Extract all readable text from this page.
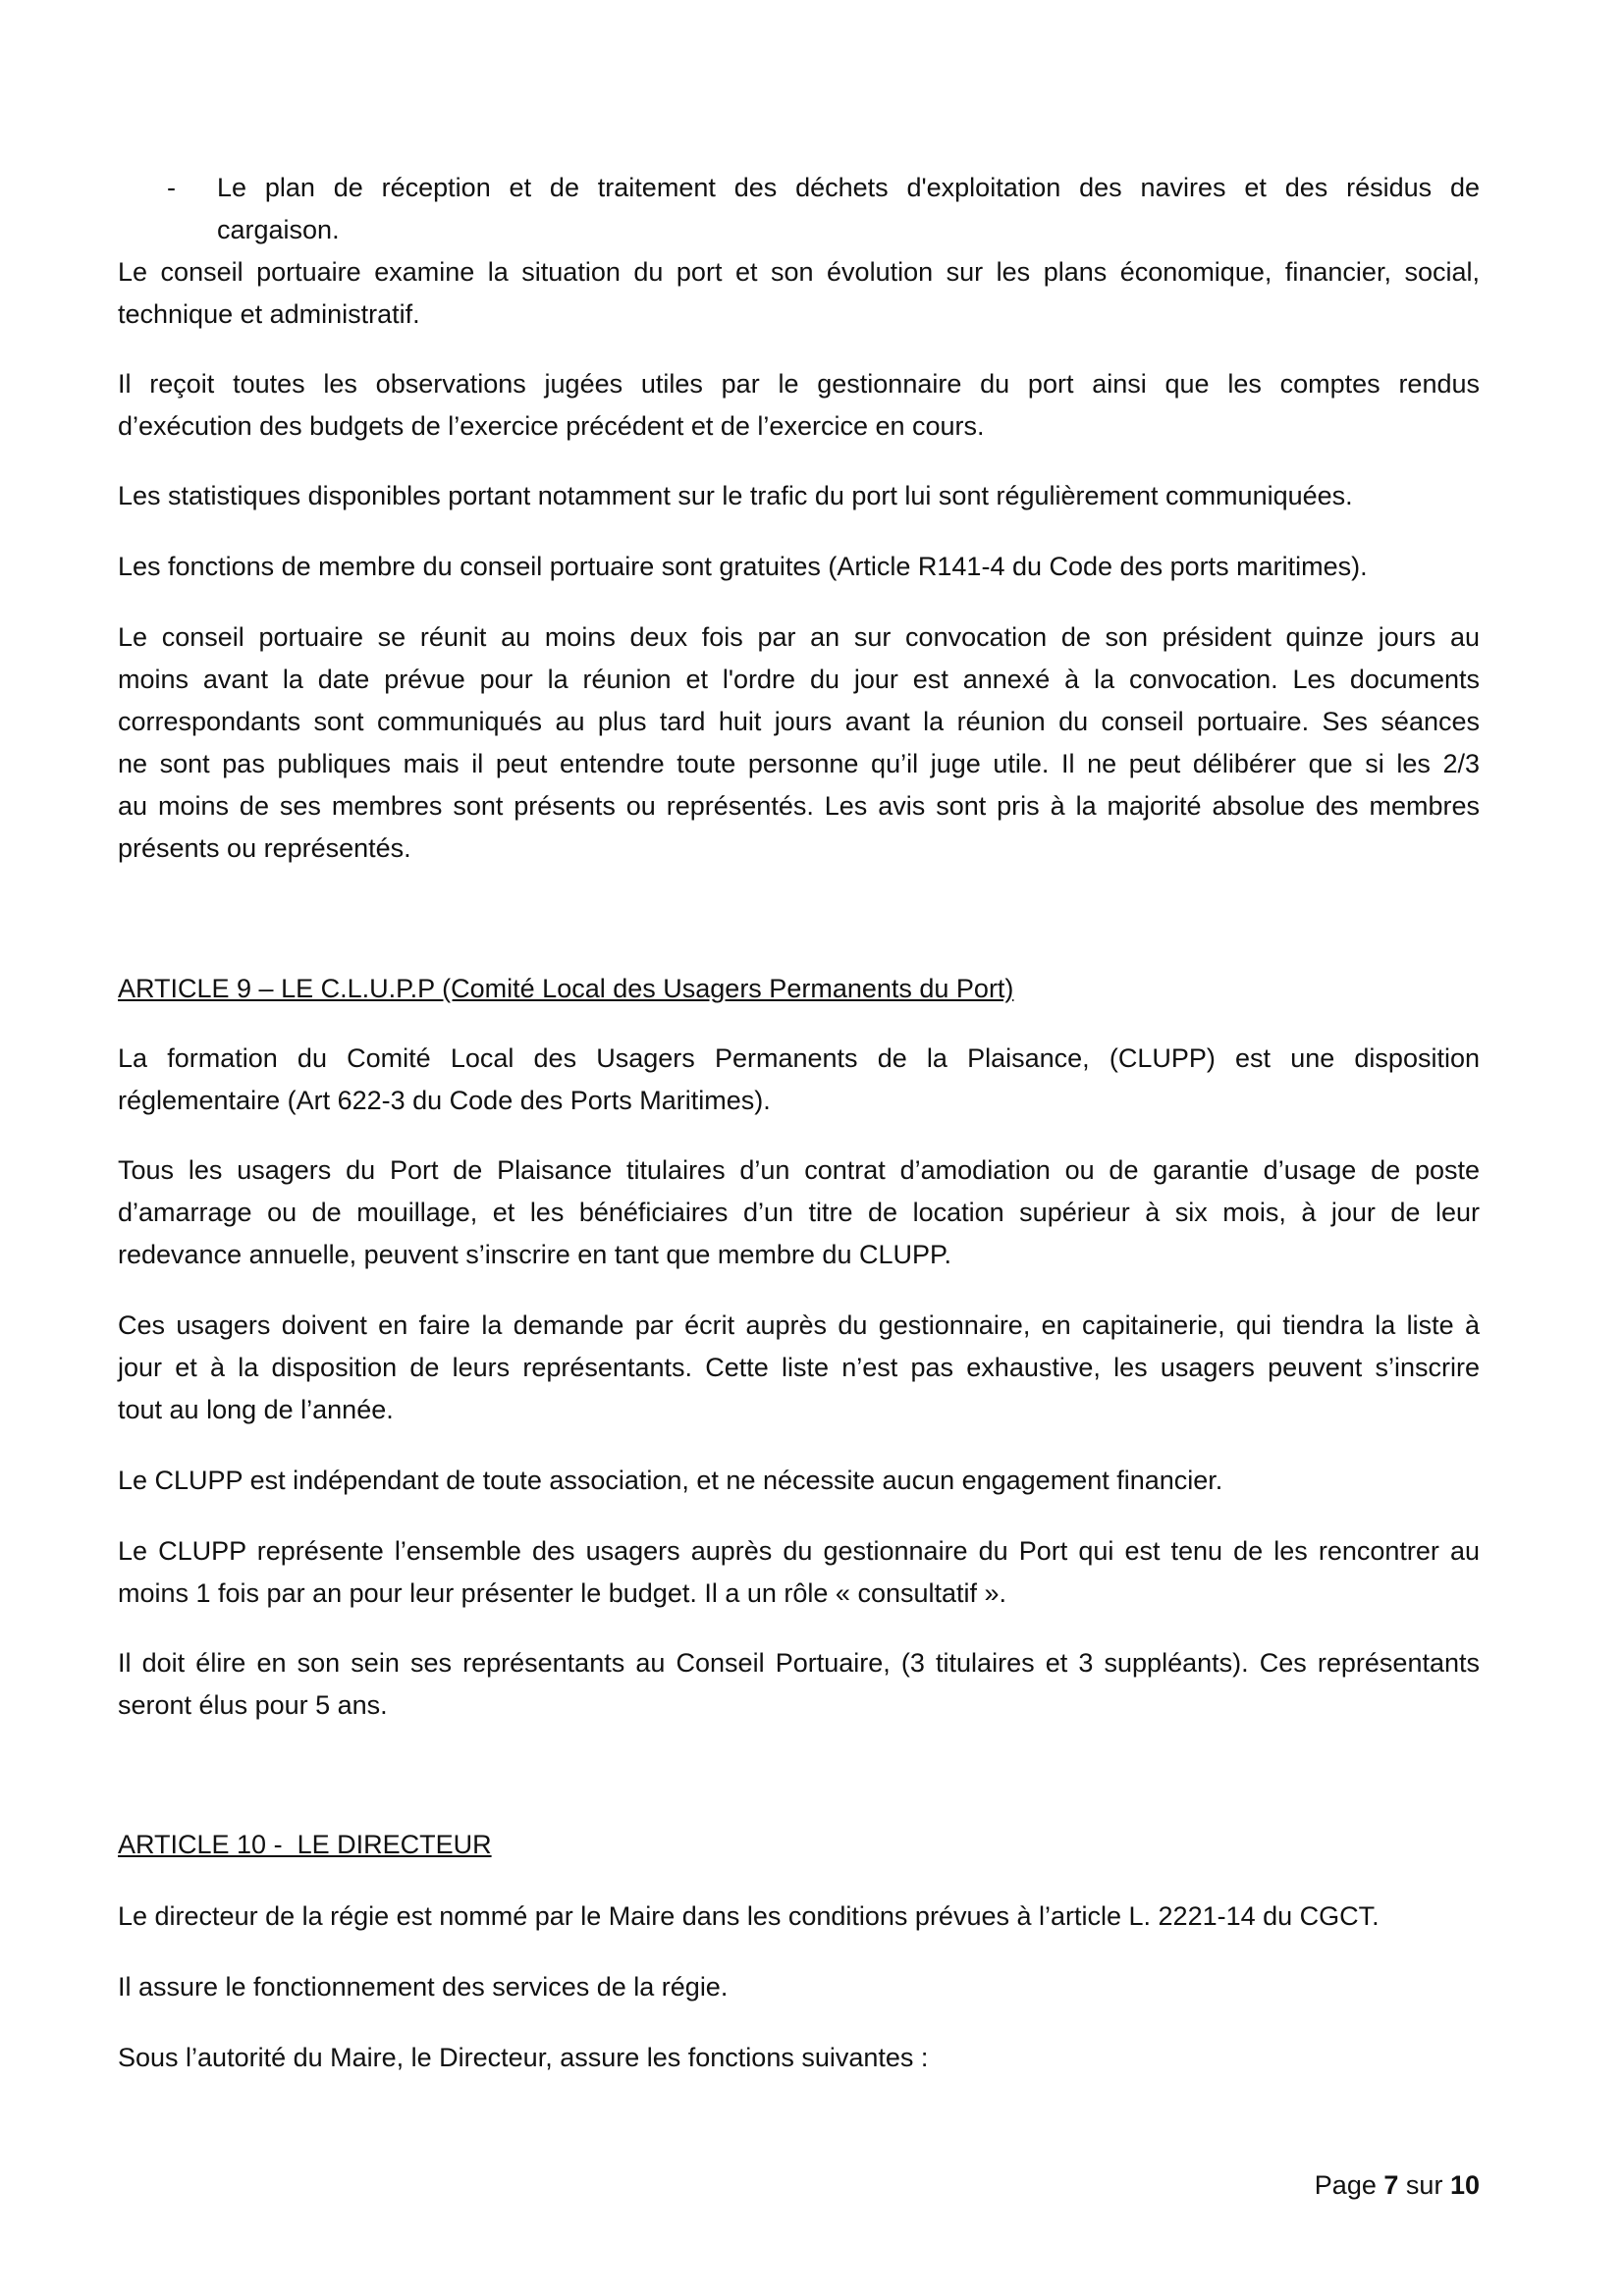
- Le plan de réception et de traitement des déchets d'exploitation des navires et des résidus de
cargaison.
Le conseil portuaire examine la situation du port et son évolution sur les plans économique, financier, social,
technique et administratif.
Il reçoit toutes les observations jugées utiles par le gestionnaire du port ainsi que les comptes rendus
d’exécution des budgets de l’exercice précédent et de l’exercice en cours.
Les statistiques disponibles portant notamment sur le trafic du port lui sont régulièrement communiquées.
Les fonctions de membre du conseil portuaire sont gratuites (Article R141-4 du Code des ports maritimes).
Le conseil portuaire se réunit au moins deux fois par an sur convocation de son président quinze jours au
moins avant la date prévue pour la réunion et l'ordre du jour est annexé à la convocation. Les documents
correspondants sont communiqués au plus tard huit jours avant la réunion du conseil portuaire. Ses séances
ne sont pas publiques mais il peut entendre toute personne qu’il juge utile. Il ne peut délibérer que si les 2/3
au moins de ses membres sont présents ou représentés. Les avis sont pris à la majorité absolue des membres
présents ou représentés.
ARTICLE 9 – LE C.L.U.P.P (Comité Local des Usagers Permanents du Port)
La formation du Comité Local des Usagers Permanents de la Plaisance, (CLUPP) est une disposition
réglementaire (Art 622-3 du Code des Ports Maritimes).
Tous les usagers du Port de Plaisance titulaires d’un contrat d’amodiation ou de garantie d’usage de poste
d’amarrage ou de mouillage, et les bénéficiaires d’un titre de location supérieur à six mois, à jour de leur
redevance annuelle, peuvent s’inscrire en tant que membre du CLUPP.
Ces usagers doivent en faire la demande par écrit auprès du gestionnaire, en capitainerie, qui tiendra la liste à
jour et à la disposition de leurs représentants. Cette liste n’est pas exhaustive, les usagers peuvent s’inscrire
tout au long de l’année.
Le CLUPP est indépendant de toute association, et ne nécessite aucun engagement financier.
Le CLUPP représente l’ensemble des usagers auprès du gestionnaire du Port qui est tenu de les rencontrer au
moins 1 fois par an pour leur présenter le budget. Il a un rôle « consultatif ».
Il doit élire en son sein ses représentants au Conseil Portuaire, (3 titulaires et 3 suppléants). Ces représentants
seront élus pour 5 ans.
ARTICLE 10 -  LE DIRECTEUR
Le directeur de la régie est nommé par le Maire dans les conditions prévues à l’article L. 2221-14 du CGCT.
Il assure le fonctionnement des services de la régie.
Sous l’autorité du Maire, le Directeur, assure les fonctions suivantes :
Page 7 sur 10
